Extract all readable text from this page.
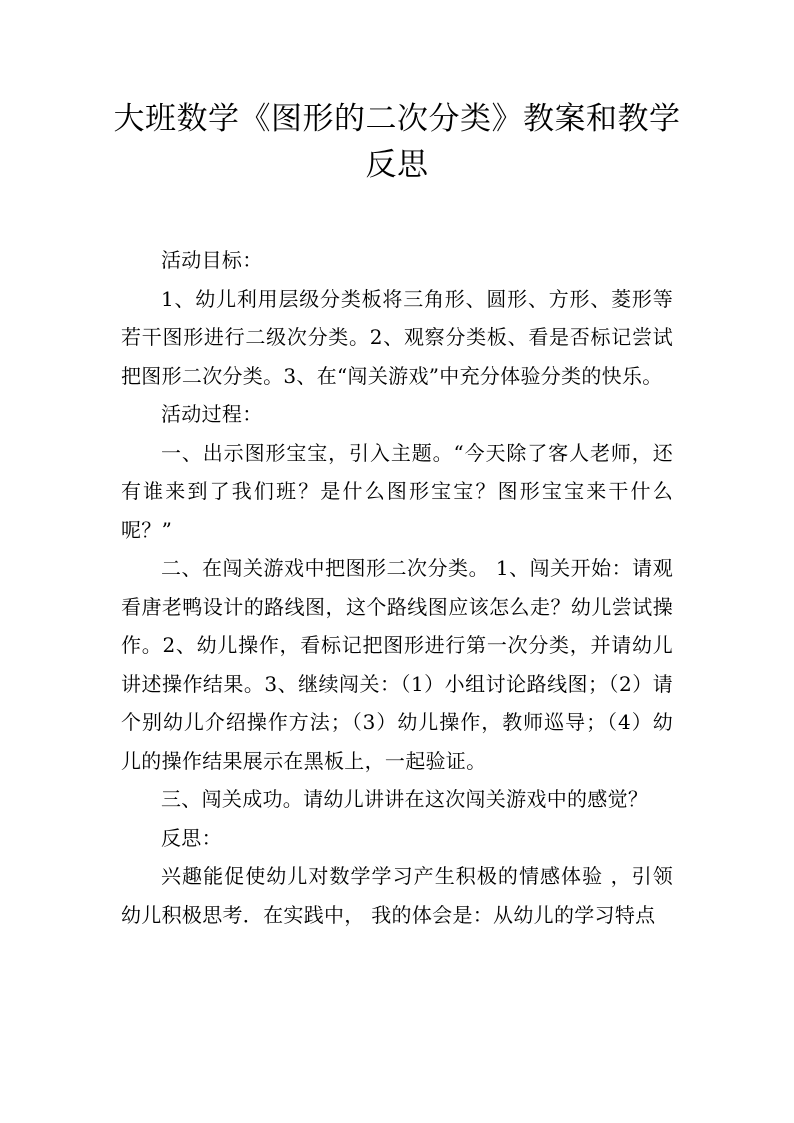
大班数学《图形的二次分类》教案和教学反思

活动目标：

1、幼儿利用层级分类板将三角形、圆形、方形、菱形等若干图形进行二级次分类。2、观察分类板、看是否标记尝试把图形二次分类。3、在“闯关游戏”中充分体验分类的快乐。

活动过程：

一、出示图形宝宝，引入主题。“今天除了客人老师，还有谁来到了我们班？是什么图形宝宝？图形宝宝来干什么呢？”

二、在闯关游戏中把图形二次分类。 1、闯关开始：请观看唐老鸭设计的路线图，这个路线图应该怎么走？幼儿尝试操作。2、幼儿操作，看标记把图形进行第一次分类，并请幼儿讲述操作结果。3、继续闯关：（1）小组讨论路线图；（2）请个别幼儿介绍操作方法；（3）幼儿操作，教师巡导；（4）幼儿的操作结果展示在黑板上，一起验证。

三、闯关成功。请幼儿讲讲在这次闯关游戏中的感觉？

反思：

兴趣能促使幼儿对数学学习产生积极的情感体验 ，引领幼儿积极思考．在实践中， 我的体会是：从幼儿的学习特点
